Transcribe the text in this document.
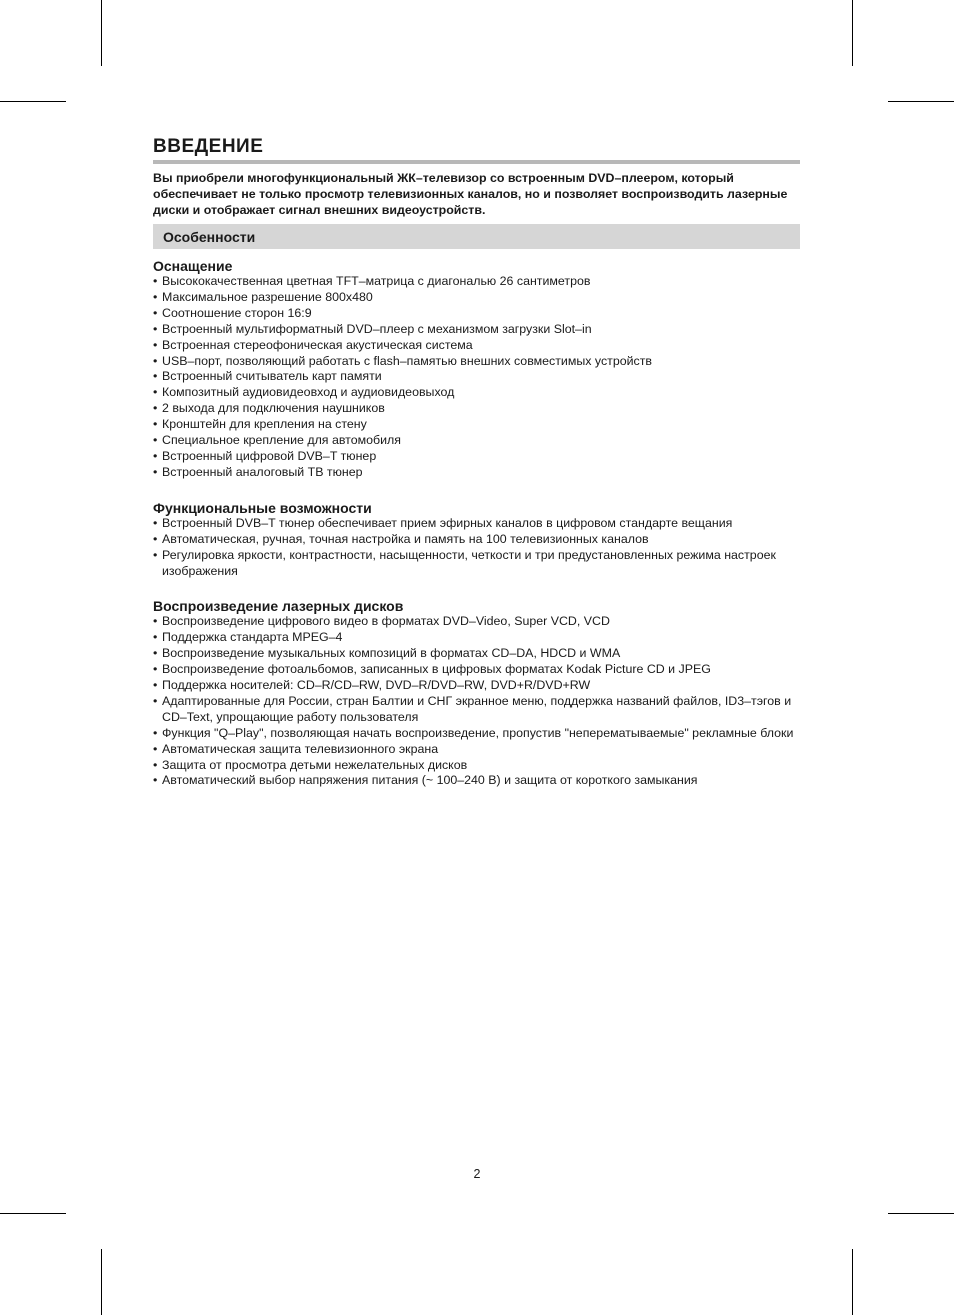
ВВЕДЕНИЕ

Вы приобрели многофункциональный ЖК–телевизор со встроенным DVD–плеером, который обеспечивает не только просмотр телевизионных каналов, но и позволяет воспроизводить лазерные диски и отображает сигнал внешних видеоустройств.

Особенности
Оснащение
• Высококачественная цветная TFT–матрица с диагональю 26 сантиметров
• Максимальное разрешение 800x480
• Соотношение сторон 16:9
• Встроенный мультиформатный DVD–плеер с механизмом загрузки Slot–in
• Встроенная стереофоническая акустическая система
• USB–порт, позволяющий работать с flash–памятью внешних совместимых устройств
• Встроенный считыватель карт памяти
• Композитный аудиовидеовход и аудиовидеовыход
• 2 выхода для подключения наушников
• Кронштейн для крепления на стену
• Специальное крепление для автомобиля
• Встроенный цифровой DVB–T тюнер
• Встроенный аналоговый ТВ тюнер
Функциональные возможности
• Встроенный DVB–T тюнер обеспечивает прием эфирных каналов в цифровом стандарте вещания
• Автоматическая, ручная, точная настройка и память на 100 телевизионных каналов
• Регулировка яркости, контрастности, насыщенности, четкости и три предустановленных режима настроек изображения
Воспроизведение лазерных дисков
• Воспроизведение цифрового видео в форматах DVD–Video, Super VCD, VCD
• Поддержка стандарта MPEG–4
• Воспроизведение музыкальных композиций в форматах CD–DA, HDCD и WMA
• Воспроизведение фотоальбомов, записанных в цифровых форматах Kodak Picture CD и JPEG
• Поддержка носителей: CD–R/CD–RW, DVD–R/DVD–RW, DVD+R/DVD+RW
• Адаптированные для России, стран Балтии и СНГ экранное меню, поддержка названий файлов, ID3–тэгов и CD–Text, упрощающие работу пользователя
• Функция "Q–Play", позволяющая начать воспроизведение, пропустив "неперематываемые" рекламные блоки
• Автоматическая защита телевизионного экрана
• Защита от просмотра детьми нежелательных дисков
• Автоматический выбор напряжения питания (~ 100–240 В) и защита от короткого замыкания
2
